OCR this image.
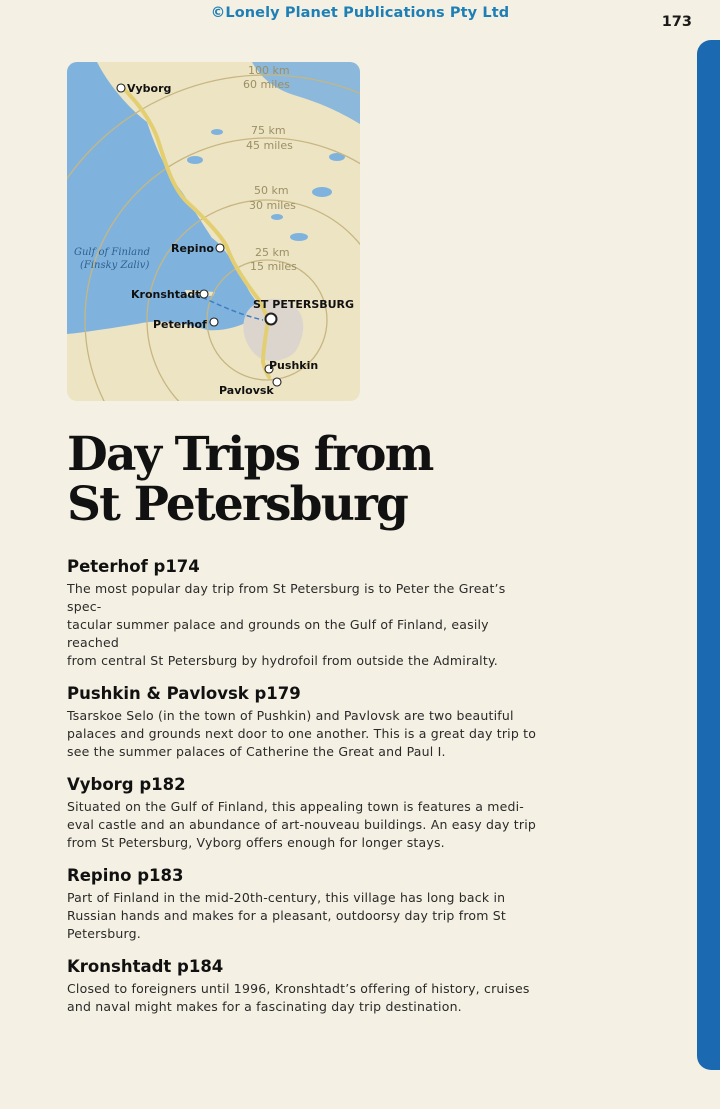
©Lonely Planet Publications Pty Ltd
173
100 km
60 miles
75 km
45 miles
50 km
30 miles
25 km
15 miles
Gulf of Finland
(Finsky Zaliv)
Vyborg
Repino
Kronshtadt
ST PETERSBURG
Peterhof
Pushkin
Pavlovsk
Day Trips from
St Petersburg
Peterhof p174

The most popular day trip from St Petersburg is to Peter the Great’s spec-
tacular summer palace and grounds on the Gulf of Finland, easily reached
from central St Petersburg by hydrofoil from outside the Admiralty.

Pushkin & Pavlovsk p179

Tsarskoe Selo (in the town of Pushkin) and Pavlovsk are two beautiful
palaces and grounds next door to one another. This is a great day trip to
see the summer palaces of Catherine the Great and Paul I.

Vyborg p182

Situated on the Gulf of Finland, this appealing town is features a medi-
eval castle and an abundance of art-nouveau buildings. An easy day trip
from St Petersburg, Vyborg offers enough for longer stays.

Repino p183

Part of Finland in the mid-20th-century, this village has long back in
Russian hands and makes for a pleasant, outdoorsy day trip from St
Petersburg.

Kronshtadt p184

Closed to foreigners until 1996, Kronshtadt’s offering of history, cruises
and naval might makes for a fascinating day trip destination.
